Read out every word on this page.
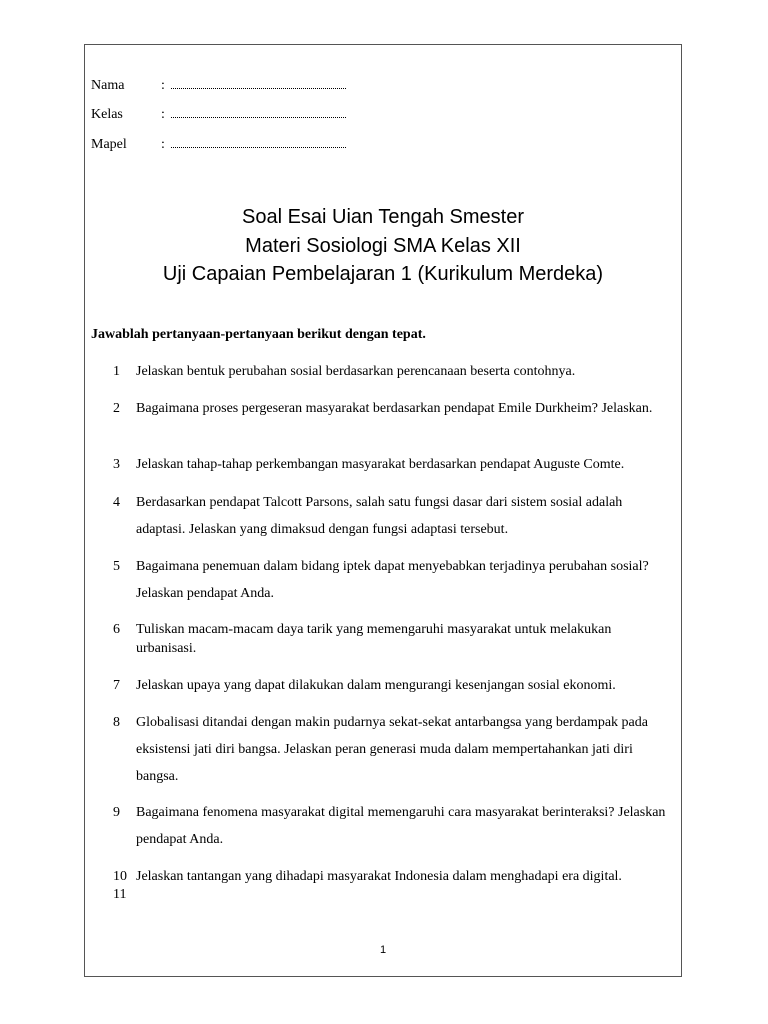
Nama	:
Kelas	:
Mapel	:
Soal Esai Uian Tengah Smester
Materi Sosiologi SMA Kelas XII
Uji Capaian Pembelajaran 1 (Kurikulum Merdeka)
Jawablah pertanyaan-pertanyaan berikut dengan tepat.
1 Jelaskan bentuk perubahan sosial berdasarkan perencanaan beserta contohnya.
2 Bagaimana proses pergeseran masyarakat berdasarkan pendapat Emile Durkheim? Jelaskan.
3 Jelaskan tahap-tahap perkembangan masyarakat berdasarkan pendapat Auguste Comte.
4 Berdasarkan pendapat Talcott Parsons, salah satu fungsi dasar dari sistem sosial adalah adaptasi. Jelaskan yang dimaksud dengan fungsi adaptasi tersebut.
5 Bagaimana penemuan dalam bidang iptek dapat menyebabkan terjadinya perubahan sosial? Jelaskan pendapat Anda.
6 Tuliskan macam-macam daya tarik yang memengaruhi masyarakat untuk melakukan urbanisasi.
7 Jelaskan upaya yang dapat dilakukan dalam mengurangi kesenjangan sosial ekonomi.
8 Globalisasi ditandai dengan makin pudarnya sekat-sekat antarbangsa yang berdampak pada eksistensi jati diri bangsa. Jelaskan peran generasi muda dalam mempertahankan jati diri bangsa.
9 Bagaimana fenomena masyarakat digital memengaruhi cara masyarakat berinteraksi? Jelaskan pendapat Anda.
10 Jelaskan tantangan yang dihadapi masyarakat Indonesia dalam menghadapi era digital.
11
1
